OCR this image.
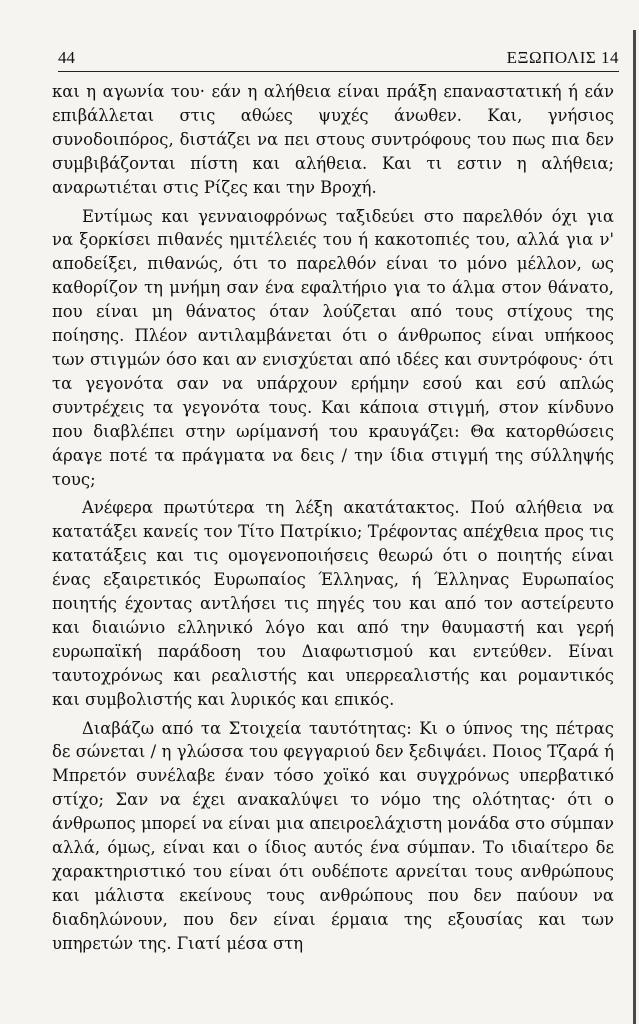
44	ΕΞΩΠΟΛΙΣ 14

και η αγωνία του· εάν η αλήθεια είναι πράξη επαναστατική ή εάν επιβάλλεται στις αθώες ψυχές άνωθεν. Και, γνήσιος συνοδοιπόρος, διστάζει να πει στους συντρόφους του πως πια δεν συμβιβάζονται πίστη και αλήθεια. Και τι εστιν η αλήθεια; αναρωτιέται στις Ρίζες και την Βροχή.

Εντίμως και γενναιοφρόνως ταξιδεύει στο παρελθόν όχι για να ξορκίσει πιθανές ημιτέλειές του ή κακοτοπιές του, αλλά για ν' αποδείξει, πιθανώς, ότι το παρελθόν είναι το μόνο μέλλον, ως καθορίζον τη μνήμη σαν ένα εφαλτήριο για το άλμα στον θάνατο, που είναι μη θάνατος όταν λούζεται από τους στίχους της ποίησης. Πλέον αντιλαμβάνεται ότι ο άνθρωπος είναι υπήκοος των στιγμών όσο και αν ενισχύεται από ιδέες και συντρόφους· ότι τα γεγονότα σαν να υπάρχουν ερήμην εσού και εσύ απλώς συντρέχεις τα γεγονότα τους. Και κάποια στιγμή, στον κίνδυνο που διαβλέπει στην ωρίμανσή του κραυγάζει: Θα κατορθώσεις άραγε ποτέ τα πράγματα να δεις / την ίδια στιγμή της σύλληψής τους;

Ανέφερα πρωτύτερα τη λέξη ακατάτακτος. Πού αλήθεια να κατατάξει κανείς τον Τίτο Πατρίκιο; Τρέφοντας απέχθεια προς τις κατατάξεις και τις ομογενοποιήσεις θεωρώ ότι ο ποιητής είναι ένας εξαιρετικός Ευρωπαίος Έλληνας, ή Έλληνας Ευρωπαίος ποιητής έχοντας αντλήσει τις πηγές του και από τον αστείρευτο και διαιώνιο ελληνικό λόγο και από την θαυμαστή και γερή ευρωπαϊκή παράδοση του Διαφωτισμού και εντεύθεν. Είναι ταυτοχρόνως και ρεαλιστής και υπερρεαλιστής και ρομαντικός και συμβολιστής και λυρικός και επικός.

Διαβάζω από τα Στοιχεία ταυτότητας: Κι ο ύπνος της πέτρας δε σώνεται / η γλώσσα του φεγγαριού δεν ξεδιψάει. Ποιος Τζαρά ή Μπρετόν συνέλαβε έναν τόσο χοϊκό και συγχρόνως υπερβατικό στίχο; Σαν να έχει ανακαλύψει το νόμο της ολότητας· ότι ο άνθρωπος μπορεί να είναι μια απειροελάχιστη μονάδα στο σύμπαν αλλά, όμως, είναι και ο ίδιος αυτός ένα σύμπαν. Το ιδιαίτερο δε χαρακτηριστικό του είναι ότι ουδέποτε αρνείται τους ανθρώπους και μάλιστα εκείνους τους ανθρώπους που δεν παύουν να διαδηλώνουν, που δεν είναι έρμαια της εξουσίας και των υπηρετών της. Γιατί μέσα στη
